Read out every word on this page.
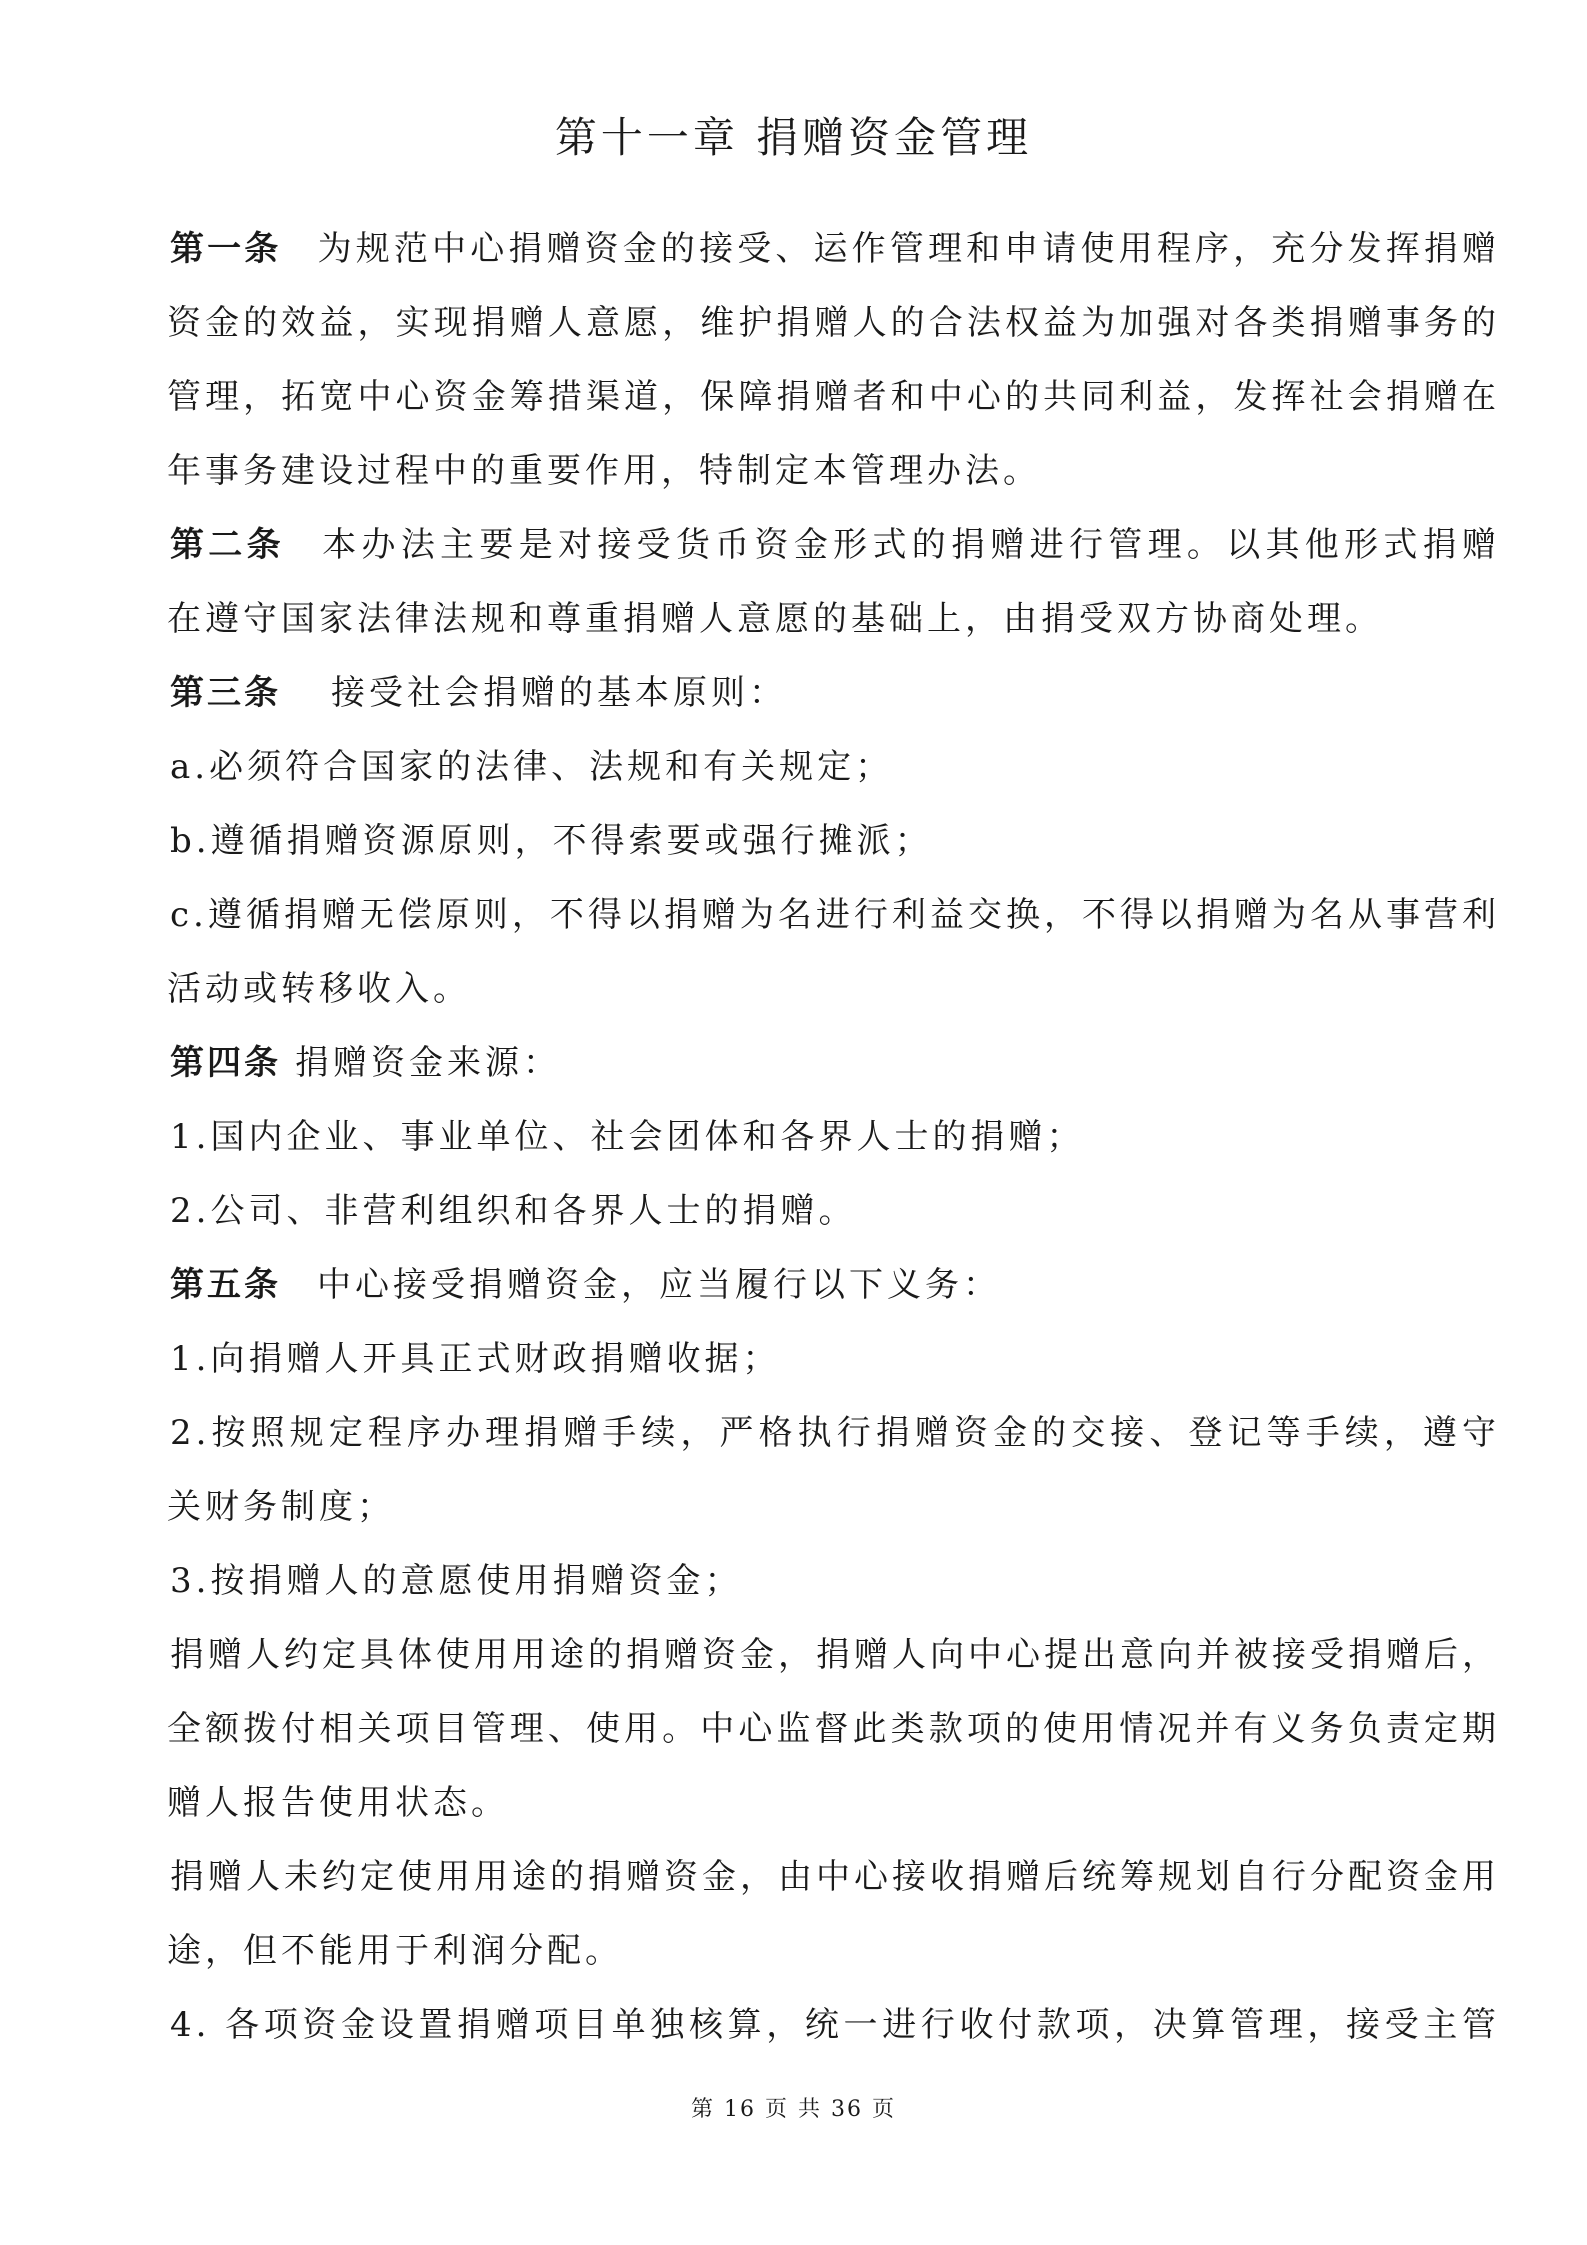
第十一章 捐赠资金管理
第一条 为规范中心捐赠资金的接受、运作管理和申请使用程序，充分发挥捐赠
资金的效益，实现捐赠人意愿，维护捐赠人的合法权益为加强对各类捐赠事务的
管理，拓宽中心资金筹措渠道，保障捐赠者和中心的共同利益，发挥社会捐赠在
年事务建设过程中的重要作用，特制定本管理办法。
第二条 本办法主要是对接受货币资金形式的捐赠进行管理。以其他形式捐赠
在遵守国家法律法规和尊重捐赠人意愿的基础上，由捐受双方协商处理。
第三条 接受社会捐赠的基本原则：
a.必须符合国家的法律、法规和有关规定；
b.遵循捐赠资源原则，不得索要或强行摊派；
c.遵循捐赠无偿原则，不得以捐赠为名进行利益交换，不得以捐赠为名从事营利
活动或转移收入。
第四条 捐赠资金来源：
1.国内企业、事业单位、社会团体和各界人士的捐赠；
2.公司、非营利组织和各界人士的捐赠。
第五条 中心接受捐赠资金，应当履行以下义务：
1.向捐赠人开具正式财政捐赠收据；
2.按照规定程序办理捐赠手续，严格执行捐赠资金的交接、登记等手续，遵守
关财务制度；
3.按捐赠人的意愿使用捐赠资金；
捐赠人约定具体使用用途的捐赠资金，捐赠人向中心提出意向并被接受捐赠后，
全额拨付相关项目管理、使用。中心监督此类款项的使用情况并有义务负责定期
赠人报告使用状态。
捐赠人未约定使用用途的捐赠资金，由中心接收捐赠后统筹规划自行分配资金用
途，但不能用于利润分配。
4. 各项资金设置捐赠项目单独核算，统一进行收付款项，决算管理，接受主管
第 16 页 共 36 页
